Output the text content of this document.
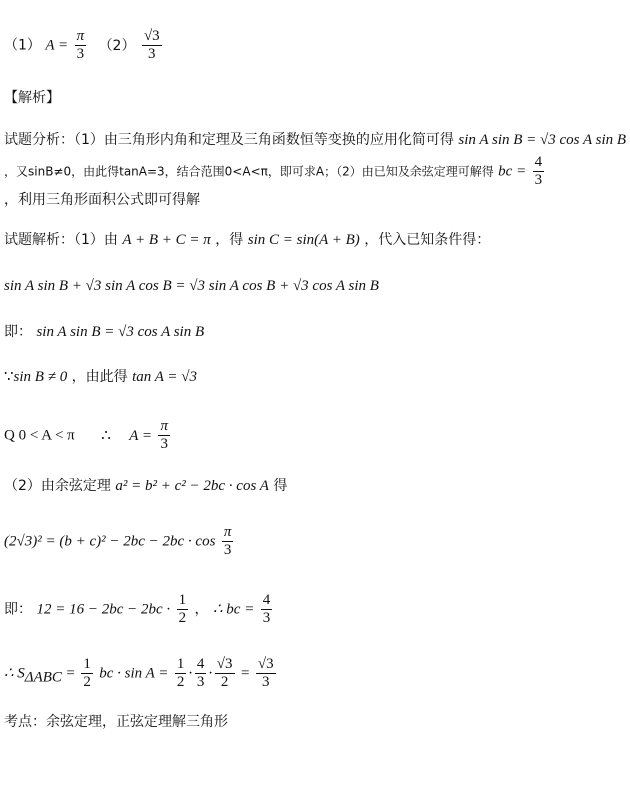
（1） $A = \frac{\pi}{3} (2) \frac{√3}{3}$
【解析】
试题分析：（1）由三角形内角和定理及三角函数恒等变换的应用化简可得 sin A sin B = √3 cos A sin B
，又sinB≠0，由此得tanA=3，结合范围0<A<π，即可求A；（2）由已知及余弦定理可解得 bc = $\frac{4}{3}$
，利用三角形面积公式即可得解
试题解析：（1）由 A + B + C = π ，得 sin C = sin(A + B) ，代入已知条件得：
sin A sin B + √3 sin A cos B = √3 sin A cos B + √3 cos A sin B
即： sin A sin B = √3 cos A sin B
∵sin B ≠ 0 ，由此得 tan A = √3
Q 0 < A < π ∴ $A = \frac{\pi}{3}$
（2）由余弦定理 a² = b² + c² − 2bc · cos A 得
$(2√3)^2 = (b + c)^2 - 2bc - 2bc \cdot \cos \frac{\pi}{3}$
即： $12 = 16 - 2bc - 2bc \cdot \frac{1}{2}$ ， ∴ bc = $\frac{4}{3}$
∴ $S_{\Delta ABC} = \frac{1}{2}$ bc · $\sin A = \frac{1}{2} \cdot \frac{4}{3} \cdot \frac{√3}{2} = \frac{√3}{3}$
考点：余弦定理，正弦定理解三角形
